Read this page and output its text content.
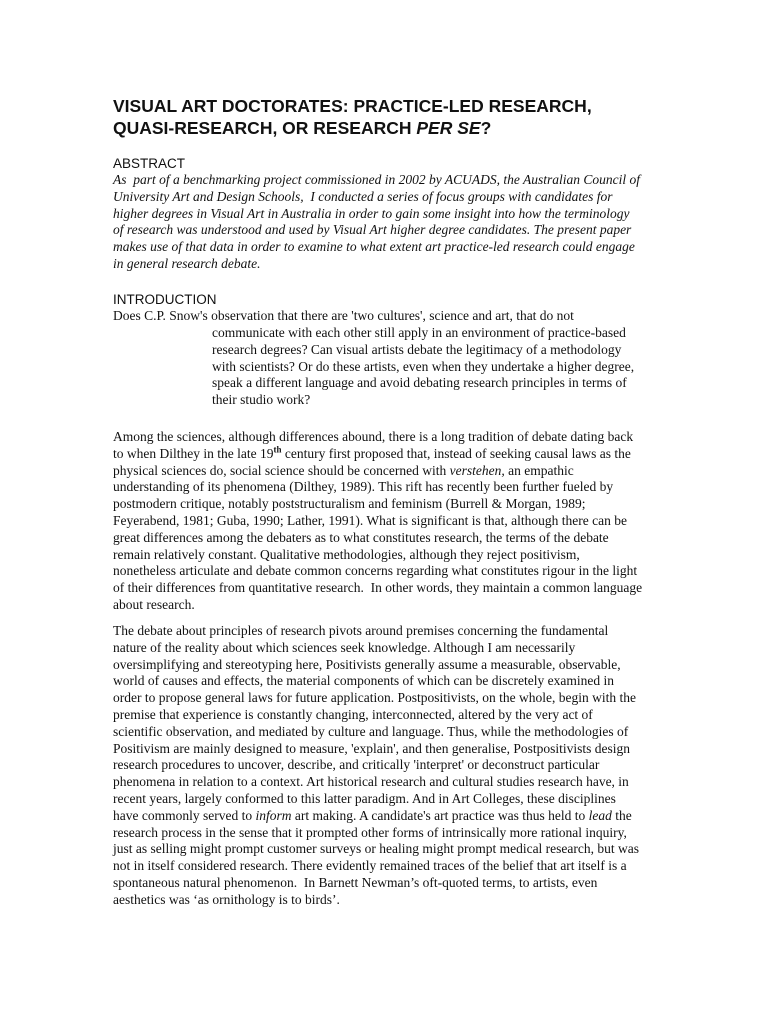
VISUAL ART DOCTORATES: PRACTICE-LED RESEARCH,
QUASI-RESEARCH, OR RESEARCH PER SE?
ABSTRACT
As  part of a benchmarking project commissioned in 2002 by ACUADS, the Australian Council of
University Art and Design Schools,  I conducted a series of focus groups with candidates for
higher degrees in Visual Art in Australia in order to gain some insight into how the terminology
of research was understood and used by Visual Art higher degree candidates. The present paper
makes use of that data in order to examine to what extent art practice-led research could engage
in general research debate.
INTRODUCTION
Does C.P. Snow's observation that there are 'two cultures', science and art, that do not
communicate with each other still apply in an environment of practice-based
research degrees? Can visual artists debate the legitimacy of a methodology
with scientists? Or do these artists, even when they undertake a higher degree,
speak a different language and avoid debating research principles in terms of
their studio work?
Among the sciences, although differences abound, there is a long tradition of debate dating back
to when Dilthey in the late 19th century first proposed that, instead of seeking causal laws as the
physical sciences do, social science should be concerned with verstehen, an empathic
understanding of its phenomena (Dilthey, 1989). This rift has recently been further fueled by
postmodern critique, notably poststructuralism and feminism (Burrell & Morgan, 1989;
Feyerabend, 1981; Guba, 1990; Lather, 1991). What is significant is that, although there can be
great differences among the debaters as to what constitutes research, the terms of the debate
remain relatively constant. Qualitative methodologies, although they reject positivism,
nonetheless articulate and debate common concerns regarding what constitutes rigour in the light
of their differences from quantitative research.  In other words, they maintain a common language
about research.
The debate about principles of research pivots around premises concerning the fundamental
nature of the reality about which sciences seek knowledge. Although I am necessarily
oversimplifying and stereotyping here, Positivists generally assume a measurable, observable,
world of causes and effects, the material components of which can be discretely examined in
order to propose general laws for future application. Postpositivists, on the whole, begin with the
premise that experience is constantly changing, interconnected, altered by the very act of
scientific observation, and mediated by culture and language. Thus, while the methodologies of
Positivism are mainly designed to measure, 'explain', and then generalise, Postpositivists design
research procedures to uncover, describe, and critically 'interpret' or deconstruct particular
phenomena in relation to a context. Art historical research and cultural studies research have, in
recent years, largely conformed to this latter paradigm. And in Art Colleges, these disciplines
have commonly served to inform art making. A candidate's art practice was thus held to lead the
research process in the sense that it prompted other forms of intrinsically more rational inquiry,
just as selling might prompt customer surveys or healing might prompt medical research, but was
not in itself considered research. There evidently remained traces of the belief that art itself is a
spontaneous natural phenomenon.  In Barnett Newman’s oft-quoted terms, to artists, even
aesthetics was ‘as ornithology is to birds’.
